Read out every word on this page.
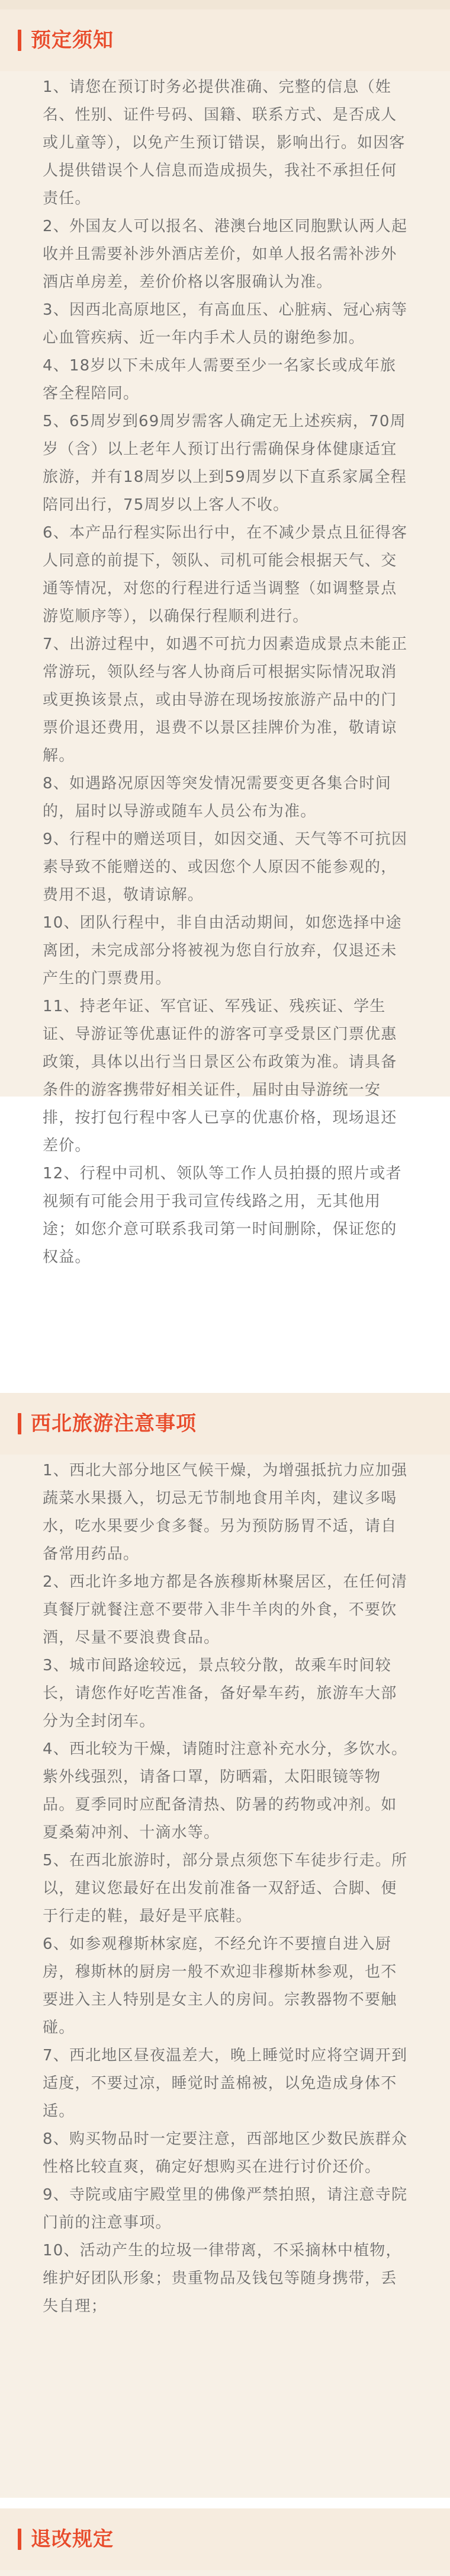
预定须知

1、请您在预订时务必提供准确、完整的信息（姓名、性别、证件号码、国籍、联系方式、是否成人或儿童等），以免产生预订错误，影响出行。如因客人提供错误个人信息而造成损失，我社不承担任何责任。

2、外国友人可以报名、港澳台地区同胞默认两人起收并且需要补涉外酒店差价，如单人报名需补涉外酒店单房差，差价价格以客服确认为准。

3、因西北高原地区，有高血压、心脏病、冠心病等心血管疾病、近一年内手术人员的谢绝参加。

4、18岁以下未成年人需要至少一名家长或成年旅客全程陪同。

5、65周岁到69周岁需客人确定无上述疾病，70周岁（含）以上老年人预订出行需确保身体健康适宜旅游，并有18周岁以上到59周岁以下直系家属全程陪同出行，75周岁以上客人不收。

6、本产品行程实际出行中，在不减少景点且征得客人同意的前提下，领队、司机可能会根据天气、交通等情况，对您的行程进行适当调整（如调整景点游览顺序等），以确保行程顺利进行。

7、出游过程中，如遇不可抗力因素造成景点未能正常游玩，领队经与客人协商后可根据实际情况取消或更换该景点，或由导游在现场按旅游产品中的门票价退还费用，退费不以景区挂牌价为准，敬请谅解。

8、如遇路况原因等突发情况需要变更各集合时间的，届时以导游或随车人员公布为准。

9、行程中的赠送项目，如因交通、天气等不可抗因素导致不能赠送的、或因您个人原因不能参观的，费用不退，敬请谅解。

10、团队行程中，非自由活动期间，如您选择中途离团，未完成部分将被视为您自行放弃，仅退还未产生的门票费用。

11、持老年证、军官证、军残证、残疾证、学生证、导游证等优惠证件的游客可享受景区门票优惠政策，具体以出行当日景区公布政策为准。请具备条件的游客携带好相关证件，届时由导游统一安排，按打包行程中客人已享的优惠价格，现场退还差价。

12、行程中司机、领队等工作人员拍摄的照片或者视频有可能会用于我司宣传线路之用，无其他用途；如您介意可联系我司第一时间删除，保证您的权益。

西北旅游注意事项

1、西北大部分地区气候干燥，为增强抵抗力应加强蔬菜水果摄入，切忌无节制地食用羊肉，建议多喝水，吃水果要少食多餐。另为预防肠胃不适，请自备常用药品。

2、西北许多地方都是各族穆斯林聚居区，在任何清真餐厅就餐注意不要带入非牛羊肉的外食，不要饮酒，尽量不要浪费食品。

3、城市间路途较远，景点较分散，故乘车时间较长，请您作好吃苦准备，备好晕车药，旅游车大部分为全封闭车。

4、西北较为干燥，请随时注意补充水分，多饮水。紫外线强烈，请备口罩，防晒霜，太阳眼镜等物品。夏季同时应配备清热、防暑的药物或冲剂。如夏桑菊冲剂、十滴水等。

5、在西北旅游时，部分景点须您下车徒步行走。所以，建议您最好在出发前准备一双舒适、合脚、便于行走的鞋，最好是平底鞋。

6、如参观穆斯林家庭，不经允许不要擅自进入厨房，穆斯林的厨房一般不欢迎非穆斯林参观，也不要进入主人特别是女主人的房间。宗教器物不要触碰。

7、西北地区昼夜温差大，晚上睡觉时应将空调开到适度，不要过凉，睡觉时盖棉被，以免造成身体不适。

8、购买物品时一定要注意，西部地区少数民族群众性格比较直爽，确定好想购买在进行讨价还价。

9、寺院或庙宇殿堂里的佛像严禁拍照，请注意寺院门前的注意事项。

10、活动产生的垃圾一律带离，不采摘林中植物，维护好团队形象；贵重物品及钱包等随身携带，丢失自理；

退改规定
